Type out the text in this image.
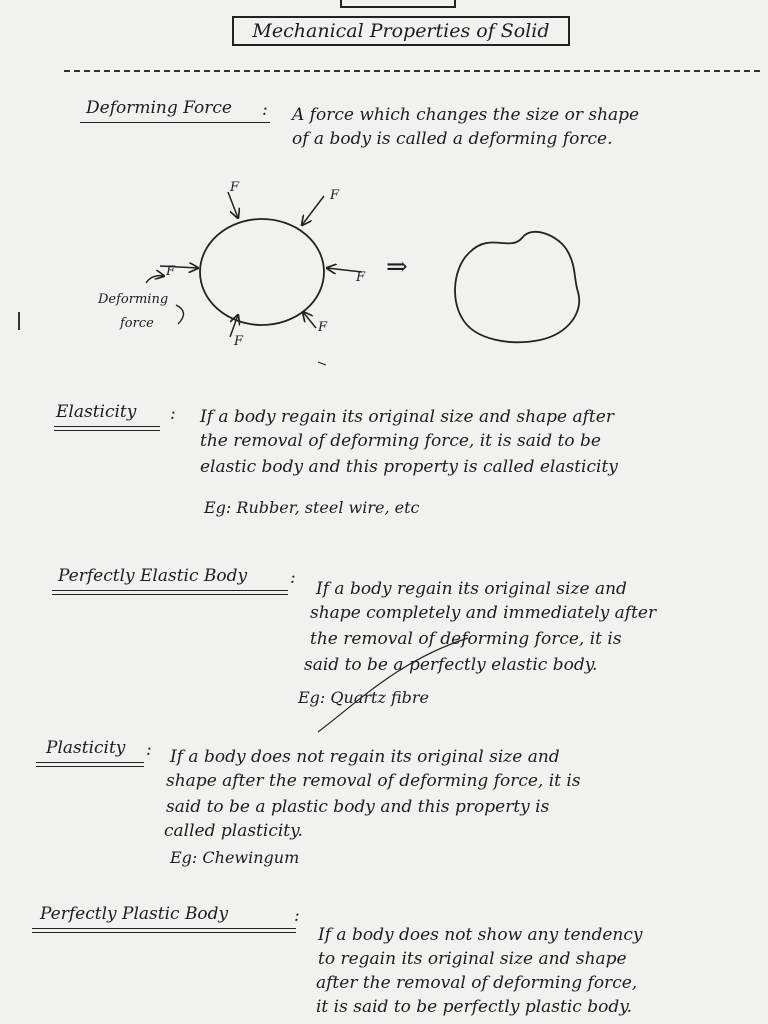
Mechanical Properties of Solid
Deforming Force : A force which changes the size or shape
of a body is called a deforming force.
F
F
F	F
F
F
⇒
Deforming
force
Elasticity : If a body regain its original size and shape after
the removal of deforming force, it is said to be
elastic body and this property is called elasticity
Eg: Rubber, steel wire, etc
Perfectly Elastic Body	:
If a body regain its original size and
shape completely and immediately after
the removal of deforming force, it is
said to be a perfectly elastic body.
Eg: Quartz fibre
Plasticity : If a body does not regain its original size and
shape after the removal of deforming force, it is
said to be a plastic body and this property is
called plasticity.
Eg: Chewingum
Perfectly Plastic Body	:
If a body does not show any tendency
to regain its original size and shape
after the removal of deforming force,
it is said to be perfectly plastic body.
